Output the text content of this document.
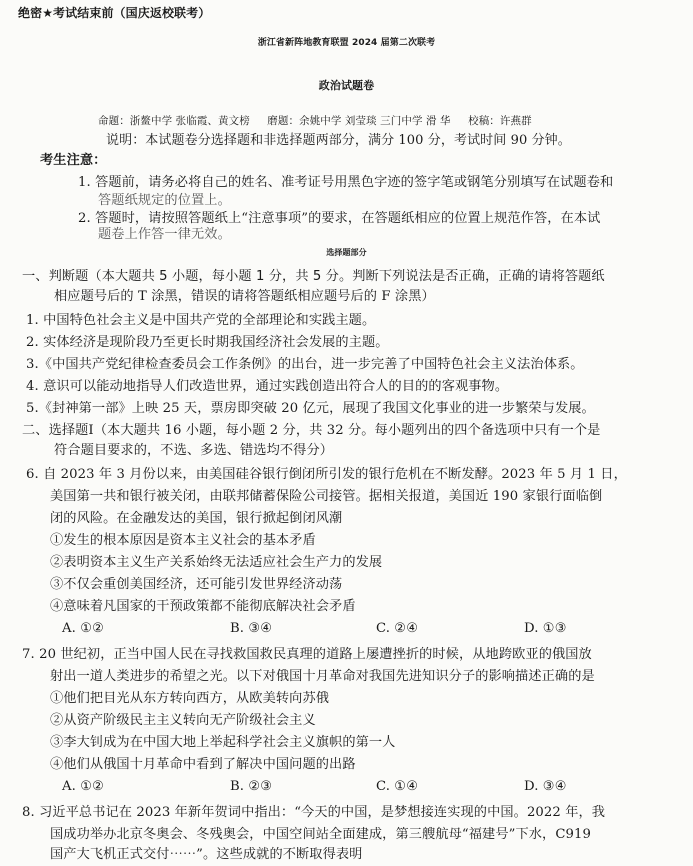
绝密★考试结束前（国庆返校联考）
浙江省新阵地教育联盟 2024 届第二次联考
政治试题卷
命题：浙鳌中学 张临霞、黄文榜 磨题：余姚中学 刘莹琰 三门中学 滑 华 校稿：许燕群
说明：本试题卷分选择题和非选择题两部分，满分 100 分，考试时间 90 分钟。
考生注意：
1. 答题前，请务必将自己的姓名、准考证号用黑色字迹的签字笔或钢笔分别填写在试题卷和
答题纸规定的位置上。
2. 答题时，请按照答题纸上“注意事项”的要求，在答题纸相应的位置上规范作答，在本试
题卷上作答一律无效。
选择题部分
一、判断题（本大题共 5 小题，每小题 1 分，共 5 分。判断下列说法是否正确，正确的请将答题纸
相应题号后的 T 涂黑，错误的请将答题纸相应题号后的 F 涂黑）
1. 中国特色社会主义是中国共产党的全部理论和实践主题。
2. 实体经济是现阶段乃至更长时期我国经济社会发展的主题。
3.《中国共产党纪律检查委员会工作条例》的出台，进一步完善了中国特色社会主义法治体系。
4. 意识可以能动地指导人们改造世界，通过实践创造出符合人的目的的客观事物。
5.《封神第一部》上映 25 天，票房即突破 20 亿元，展现了我国文化事业的进一步繁荣与发展。
二、选择题Ⅰ（本大题共 16 小题，每小题 2 分，共 32 分。每小题列出的四个备选项中只有一个是
符合题目要求的，不选、多选、错选均不得分）
6. 自 2023 年 3 月份以来，由美国硅谷银行倒闭所引发的银行危机在不断发酵。2023 年 5 月 1 日，
美国第一共和银行被关闭，由联邦储蓄保险公司接管。据相关报道，美国近 190 家银行面临倒
闭的风险。在金融发达的美国，银行掀起倒闭风潮
①发生的根本原因是资本主义社会的基本矛盾
②表明资本主义生产关系始终无法适应社会生产力的发展
③不仅会重创美国经济，还可能引发世界经济动荡
④意味着凡国家的干预政策都不能彻底解决社会矛盾
A. ①②	B. ③④	C. ②④	D. ①③
7. 20 世纪初，正当中国人民在寻找救国救民真理的道路上屡遭挫折的时候，从地跨欧亚的俄国放
射出一道人类进步的希望之光。以下对俄国十月革命对我国先进知识分子的影响描述正确的是
①他们把目光从东方转向西方，从欧美转向苏俄
②从资产阶级民主主义转向无产阶级社会主义
③李大钊成为在中国大地上举起科学社会主义旗帜的第一人
④他们从俄国十月革命中看到了解决中国问题的出路
A. ①②	B. ②③	C. ①④	D. ③④
8. 习近平总书记在 2023 年新年贺词中指出：“今天的中国，是梦想接连实现的中国。2022 年，我
国成功举办北京冬奥会、冬残奥会，中国空间站全面建成，第三艘航母“福建号”下水，C919
国产大飞机正式交付⋯⋯”。这些成就的不断取得表明
